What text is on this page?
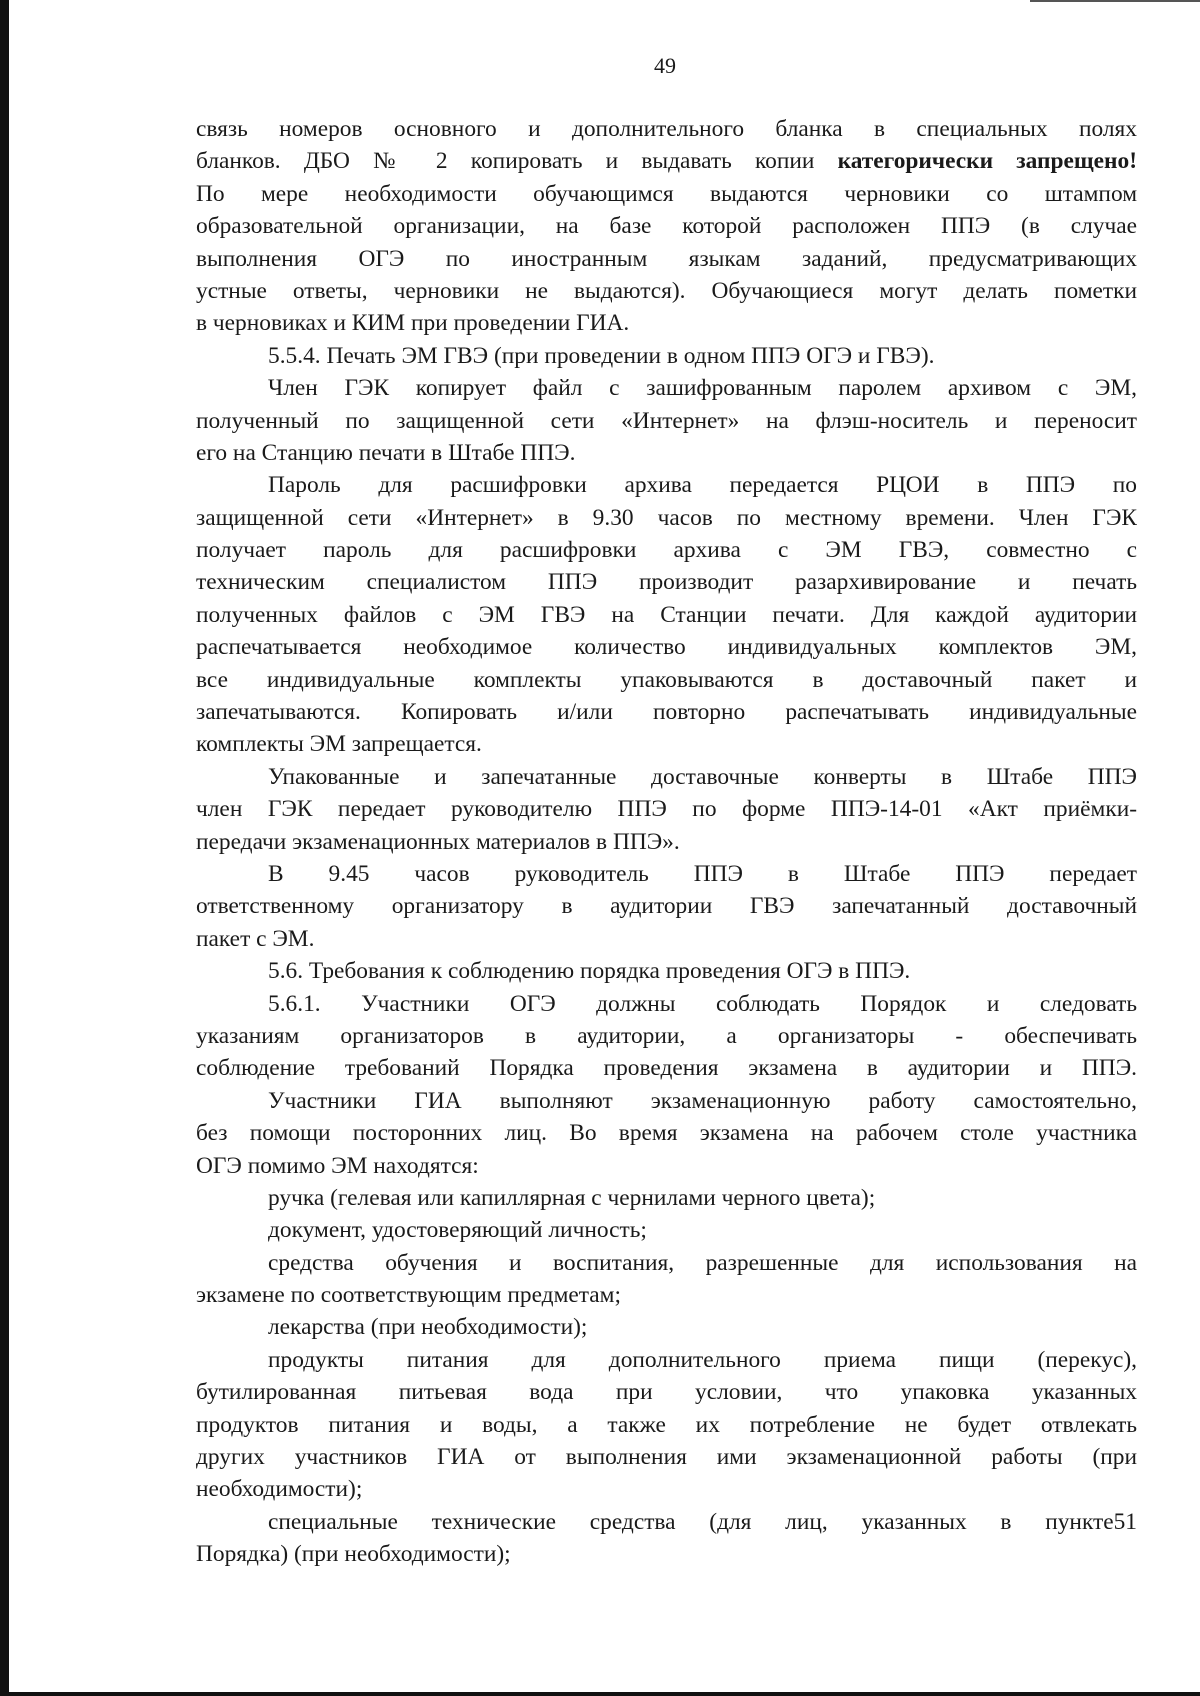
49
связь номеров основного и дополнительного бланка в специальных полях
бланков. ДБО № 2 копировать и выдавать копии категорически запрещено!
По мере необходимости обучающимся выдаются черновики со штампом
образовательной организации, на базе которой расположен ППЭ (в случае
выполнения ОГЭ по иностранным языкам заданий, предусматривающих
устные ответы, черновики не выдаются). Обучающиеся могут делать пометки
в черновиках и КИМ при проведении ГИА.
5.5.4. Печать ЭМ ГВЭ (при проведении в одном ППЭ ОГЭ и ГВЭ).
Член ГЭК копирует файл с зашифрованным паролем архивом с ЭМ,
полученный по защищенной сети «Интернет» на флэш-носитель и переносит
его на Станцию печати в Штабе ППЭ.
Пароль для расшифровки архива передается РЦОИ в ППЭ по
защищенной сети «Интернет» в 9.30 часов по местному времени. Член ГЭК
получает пароль для расшифровки архива с ЭМ ГВЭ, совместно с
техническим специалистом ППЭ производит разархивирование и печать
полученных файлов с ЭМ ГВЭ на Станции печати. Для каждой аудитории
распечатывается необходимое количество индивидуальных комплектов ЭМ,
все индивидуальные комплекты упаковываются в доставочный пакет и
запечатываются. Копировать и/или повторно распечатывать индивидуальные
комплекты ЭМ запрещается.
Упакованные и запечатанные доставочные конверты в Штабе ППЭ
член ГЭК передает руководителю ППЭ по форме ППЭ-14-01 «Акт приёмки-
передачи экзаменационных материалов в ППЭ».
В 9.45 часов руководитель ППЭ в Штабе ППЭ передает
ответственному организатору в аудитории ГВЭ запечатанный доставочный
пакет с ЭМ.
5.6. Требования к соблюдению порядка проведения ОГЭ в ППЭ.
5.6.1. Участники ОГЭ должны соблюдать Порядок и следовать
указаниям организаторов в аудитории, а организаторы - обеспечивать
соблюдение требований Порядка проведения экзамена в аудитории и ППЭ.
Участники ГИА выполняют экзаменационную работу самостоятельно,
без помощи посторонних лиц. Во время экзамена на рабочем столе участника
ОГЭ помимо ЭМ находятся:
ручка (гелевая или капиллярная с чернилами черного цвета);
документ, удостоверяющий личность;
средства обучения и воспитания, разрешенные для использования на
экзамене по соответствующим предметам;
лекарства (при необходимости);
продукты питания для дополнительного приема пищи (перекус),
бутилированная питьевая вода при условии, что упаковка указанных
продуктов питания и воды, а также их потребление не будет отвлекать
других участников ГИА от выполнения ими экзаменационной работы (при
необходимости);
специальные технические средства (для лиц, указанных в пункте51
Порядка) (при необходимости);
